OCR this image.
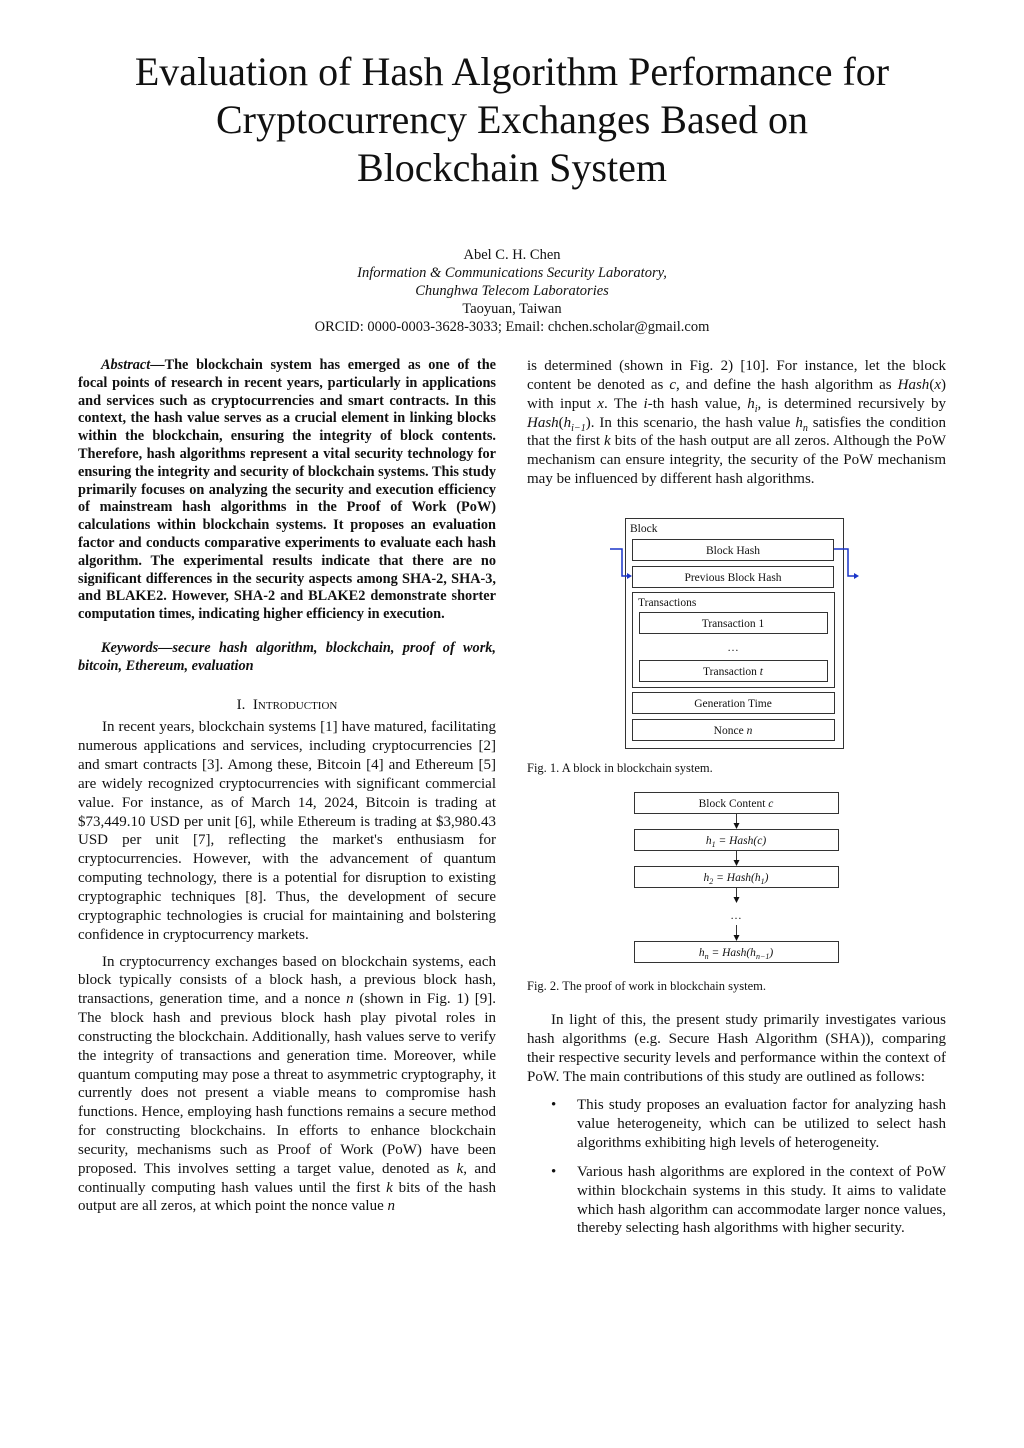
Evaluation of Hash Algorithm Performance for
Cryptocurrency Exchanges Based on
Blockchain System
Abel C. H. Chen
Information & Communications Security Laboratory,
Chunghwa Telecom Laboratories
Taoyuan, Taiwan
ORCID: 0000-0003-3628-3033; Email: chchen.scholar@gmail.com

Abstract—The blockchain system has emerged as one of the focal points of research in recent years, particularly in applications and services such as cryptocurrencies and smart contracts. In this context, the hash value serves as a crucial element in linking blocks within the blockchain, ensuring the integrity of block contents. Therefore, hash algorithms represent a vital security technology for ensuring the integrity and security of blockchain systems. This study primarily focuses on analyzing the security and execution efficiency of mainstream hash algorithms in the Proof of Work (PoW) calculations within blockchain systems. It proposes an evaluation factor and conducts comparative experiments to evaluate each hash algorithm. The experimental results indicate that there are no significant differences in the security aspects among SHA-2, SHA-3, and BLAKE2. However, SHA-2 and BLAKE2 demonstrate shorter computation times, indicating higher efficiency in execution.

Keywords—secure hash algorithm, blockchain, proof of work, bitcoin, Ethereum, evaluation

I. Introduction

In recent years, blockchain systems [1] have matured, facilitating numerous applications and services, including cryptocurrencies [2] and smart contracts [3]. Among these, Bitcoin [4] and Ethereum [5] are widely recognized cryptocurrencies with significant commercial value. For instance, as of March 14, 2024, Bitcoin is trading at $73,449.10 USD per unit [6], while Ethereum is trading at $3,980.43 USD per unit [7], reflecting the market's enthusiasm for cryptocurrencies. However, with the advancement of quantum computing technology, there is a potential for disruption to existing cryptographic techniques [8]. Thus, the development of secure cryptographic technologies is crucial for maintaining and bolstering confidence in cryptocurrency markets.

In cryptocurrency exchanges based on blockchain systems, each block typically consists of a block hash, a previous block hash, transactions, generation time, and a nonce n (shown in Fig. 1) [9]. The block hash and previous block hash play pivotal roles in constructing the blockchain. Additionally, hash values serve to verify the integrity of transactions and generation time. Moreover, while quantum computing may pose a threat to asymmetric cryptography, it currently does not present a viable means to compromise hash functions. Hence, employing hash functions remains a secure method for constructing blockchains. In efforts to enhance blockchain security, mechanisms such as Proof of Work (PoW) have been proposed. This involves setting a target value, denoted as k, and continually computing hash values until the first k bits of the hash output are all zeros, at which point the nonce value n

is determined (shown in Fig. 2) [10]. For instance, let the block content be denoted as c, and define the hash algorithm as Hash(x) with input x. The i-th hash value, $h_i$, is determined recursively by $Hash(h_{i-1})$. In this scenario, the hash value $h_n$ satisfies the condition that the first k bits of the hash output are all zeros. Although the PoW mechanism can ensure integrity, the security of the PoW mechanism may be influenced by different hash algorithms.

Block
Block Hash
Previous Block Hash
Transactions
Transaction 1
…
Transaction t
Generation Time
Nonce n
Block Content c
$h_1$ = Hash(c)
$h_2$ = $Hash(h_1)$
…
$h_n$ = $Hash(h_{n-1})$
Fig. 1. A block in blockchain system.
Fig. 2. The proof of work in blockchain system.

In light of this, the present study primarily investigates various hash algorithms (e.g. Secure Hash Algorithm (SHA)), comparing their respective security levels and performance within the context of PoW. The main contributions of this study are outlined as follows:

• This study proposes an evaluation factor for analyzing hash value heterogeneity, which can be utilized to select hash algorithms exhibiting high levels of heterogeneity.
• Various hash algorithms are explored in the context of PoW within blockchain systems in this study. It aims to validate which hash algorithm can accommodate larger nonce values, thereby selecting hash algorithms with higher security.
